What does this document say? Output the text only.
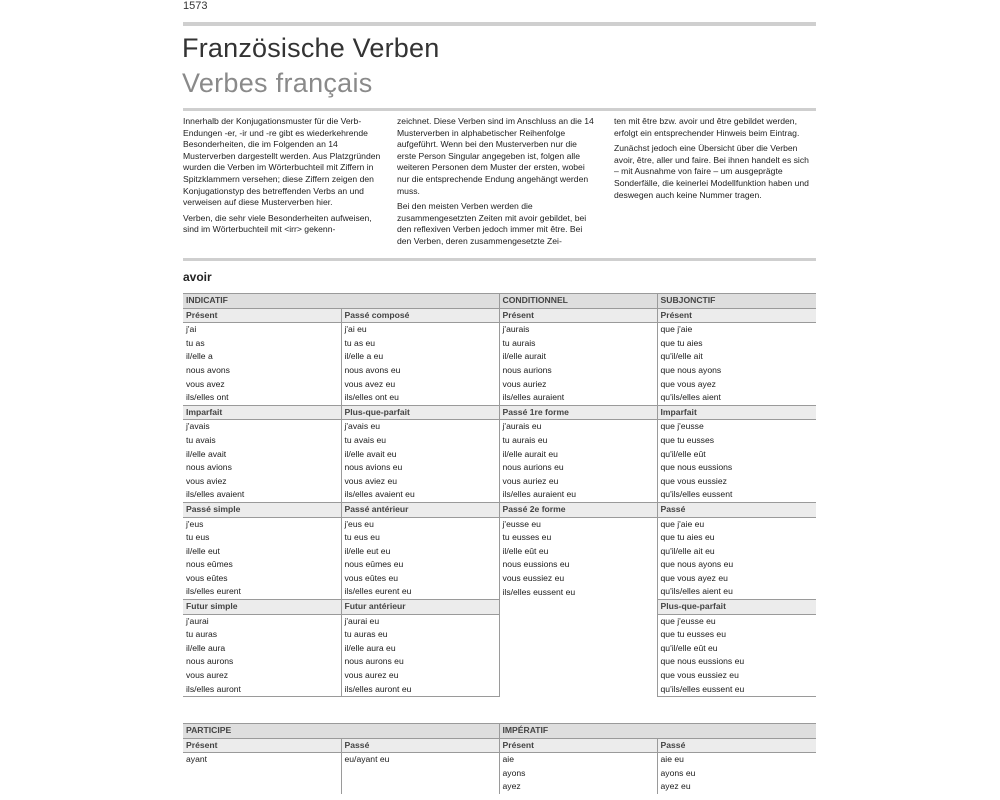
1573
Französische Verben
Verbes français

Innerhalb der Konjugationsmuster für die Verb-Endungen -er, -ir und -re gibt es wiederkehrende Besonderheiten, die im Folgenden an 14 Musterverben dargestellt werden. Aus Platzgründen wurden die Verben im Wörterbuchteil mit Ziffern in Spitzklammern versehen; diese Ziffern zeigen den Konjugationstyp des betreffenden Verbs an und verweisen auf diese Musterverben hier.

Verben, die sehr viele Besonderheiten aufweisen, sind im Wörterbuchteil mit <irr> gekenn-

zeichnet. Diese Verben sind im Anschluss an die 14 Musterverben in alphabetischer Reihenfolge aufgeführt. Wenn bei den Musterverben nur die erste Person Singular angegeben ist, folgen alle weiteren Personen dem Muster der ersten, wobei nur die entsprechende Endung angehängt werden muss.

Bei den meisten Verben werden die zusammengesetzten Zeiten mit avoir gebildet, bei den reflexiven Verben jedoch immer mit être. Bei den Verben, deren zusammengesetzte Zei-

ten mit être bzw. avoir und être gebildet werden, erfolgt ein entsprechender Hinweis beim Eintrag.

Zunächst jedoch eine Übersicht über die Verben avoir, être, aller und faire. Bei ihnen handelt es sich – mit Ausnahme von faire – um ausgeprägte Sonderfälle, die keinerlei Modellfunktion haben und deswegen auch keine Nummer tragen.

avoir
INDICATIF		CONDITIONNEL	SUBJONCTIF
Présent	Passé composé	Présent	Présent
j'ai	j'ai eu	j'aurais	que j'aie
tu as	tu as eu	tu aurais	que tu aies
il/elle a	il/elle a eu	il/elle aurait	qu'il/elle ait
nous avons	nous avons eu	nous aurions	que nous ayons
vous avez	vous avez eu	vous auriez	que vous ayez
ils/elles ont	ils/elles ont eu	ils/elles auraient	qu'ils/elles aient
Imparfait	Plus-que-parfait	Passé 1re forme	Imparfait
j'avais	j'avais eu	j'aurais eu	que j'eusse
tu avais	tu avais eu	tu aurais eu	que tu eusses
il/elle avait	il/elle avait eu	il/elle aurait eu	qu'il/elle eût
nous avions	nous avions eu	nous aurions eu	que nous eussions
vous aviez	vous aviez eu	vous auriez eu	que vous eussiez
ils/elles avaient	ils/elles avaient eu	ils/elles auraient eu	qu'ils/elles eussent
Passé simple	Passé antérieur	Passé 2e forme	Passé
j'eus	j'eus eu	j'eusse eu	que j'aie eu
tu eus	tu eus eu	tu eusses eu	que tu aies eu
il/elle eut	il/elle eut eu	il/elle eût eu	qu'il/elle ait eu
nous eûmes	nous eûmes eu	nous eussions eu	que nous ayons eu
vous eûtes	vous eûtes eu	vous eussiez eu	que vous ayez eu
ils/elles eurent	ils/elles eurent eu	ils/elles eussent eu	qu'ils/elles aient eu
Futur simple	Futur antérieur		Plus-que-parfait
j'aurai	j'aurai eu		que j'eusse eu
tu auras	tu auras eu		que tu eusses eu
il/elle aura	il/elle aura eu		qu'il/elle eût eu
nous aurons	nous aurons eu		que nous eussions eu
vous aurez	vous aurez eu		que vous eussiez eu
ils/elles auront	ils/elles auront eu		qu'ils/elles eussent eu
PARTICIPE		IMPÉRATIF	
Présent	Passé	Présent	Passé
ayant	eu/ayant eu	aie	aie eu
		ayons	ayons eu
		ayez	ayez eu
